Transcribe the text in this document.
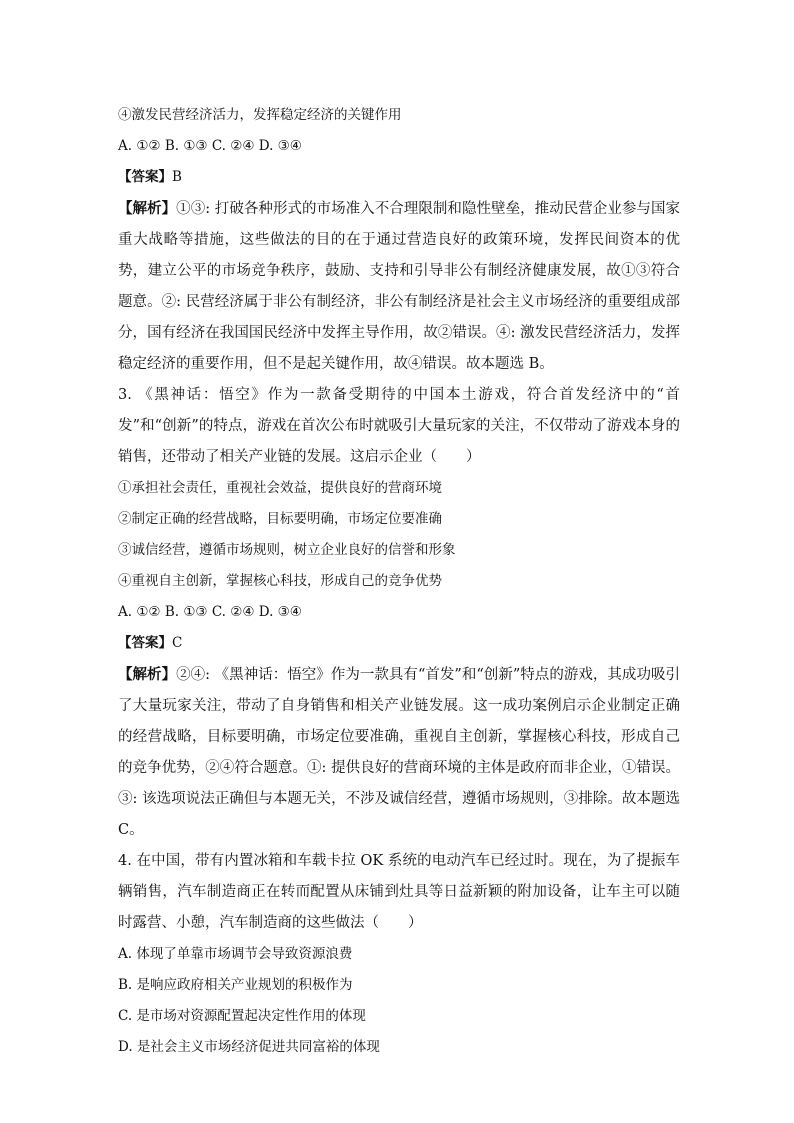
④激发民营经济活力，发挥稳定经济的关键作用
A. ①② B. ①③ C. ②④ D. ③④
【答案】B
【解析】①③: 打破各种形式的市场准入不合理限制和隐性壁垒，推动民营企业参与国家重大战略等措施，这些做法的目的在于通过营造良好的政策环境，发挥民间资本的优势，建立公平的市场竞争秩序，鼓励、支持和引导非公有制经济健康发展，故①③符合题意。②: 民营经济属于非公有制经济，非公有制经济是社会主义市场经济的重要组成部分，国有经济在我国国民经济中发挥主导作用，故②错误。④: 激发民营经济活力，发挥稳定经济的重要作用，但不是起关键作用，故④错误。故本题选 B。
3. 《黑神话：悟空》作为一款备受期待的中国本土游戏，符合首发经济中的“首发”和“创新”的特点，游戏在首次公布时就吸引大量玩家的关注，不仅带动了游戏本身的销售，还带动了相关产业链的发展。这启示企业（　　）
①承担社会责任，重视社会效益，提供良好的营商环境
②制定正确的经营战略，目标要明确，市场定位要准确
③诚信经营，遵循市场规则，树立企业良好的信誉和形象
④重视自主创新，掌握核心科技，形成自己的竞争优势
A. ①② B. ①③ C. ②④ D. ③④
【答案】C
【解析】②④: 《黑神话：悟空》作为一款具有“首发”和“创新”特点的游戏，其成功吸引了大量玩家关注，带动了自身销售和相关产业链发展。这一成功案例启示企业制定正确的经营战略，目标要明确，市场定位要准确，重视自主创新，掌握核心科技，形成自己的竞争优势，②④符合题意。①: 提供良好的营商环境的主体是政府而非企业，①错误。③: 该选项说法正确但与本题无关，不涉及诚信经营，遵循市场规则，③排除。故本题选 C。
4. 在中国，带有内置冰箱和车载卡拉 OK 系统的电动汽车已经过时。现在，为了提振车辆销售，汽车制造商正在转而配置从床铺到灶具等日益新颖的附加设备，让车主可以随时露营、小憩，汽车制造商的这些做法（　　）
A. 体现了单靠市场调节会导致资源浪费
B. 是响应政府相关产业规划的积极作为
C. 是市场对资源配置起决定性作用的体现
D. 是社会主义市场经济促进共同富裕的体现
